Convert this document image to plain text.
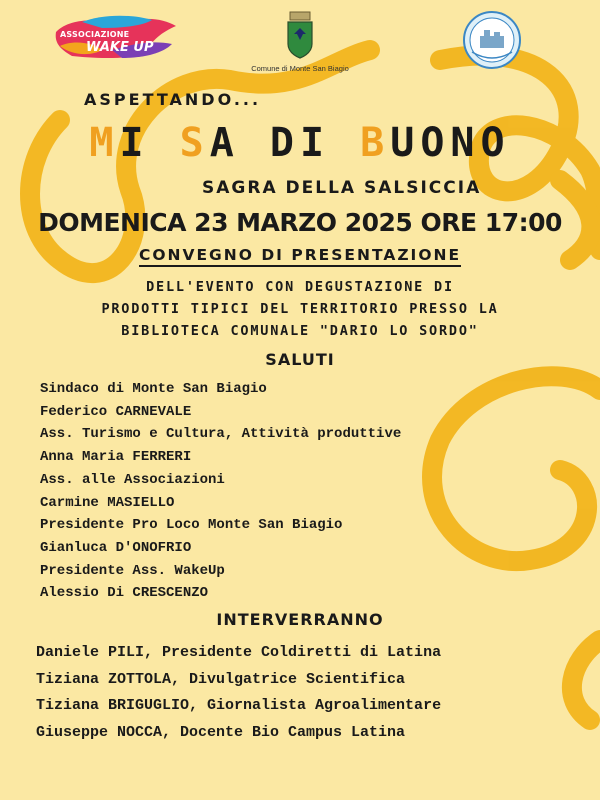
ASSOCIAZIONE
WAKE UP
Comune di Monte San Biagio
ASPETTANDO...
MI SA DI BUONO
SAGRA DELLA SALSICCIA
DOMENICA 23 MARZO 2025 ORE 17:00
CONVEGNO DI PRESENTAZIONE
DELL'EVENTO CON DEGUSTAZIONE DI
PRODOTTI TIPICI DEL TERRITORIO PRESSO LA
BIBLIOTECA COMUNALE "DARIO LO SORDO"
SALUTI
Sindaco di Monte San Biagio
Federico CARNEVALE
Ass. Turismo e Cultura, Attività produttive
Anna Maria FERRERI
Ass. alle Associazioni
Carmine MASIELLO
Presidente Pro Loco Monte San Biagio
Gianluca D'ONOFRIO
Presidente Ass. WakeUp
Alessio Di CRESCENZO
INTERVERRANNO
Daniele PILI, Presidente Coldiretti di Latina
Tiziana ZOTTOLA, Divulgatrice Scientifica
Tiziana BRIGUGLIO, Giornalista Agroalimentare
Giuseppe NOCCA, Docente Bio Campus Latina
